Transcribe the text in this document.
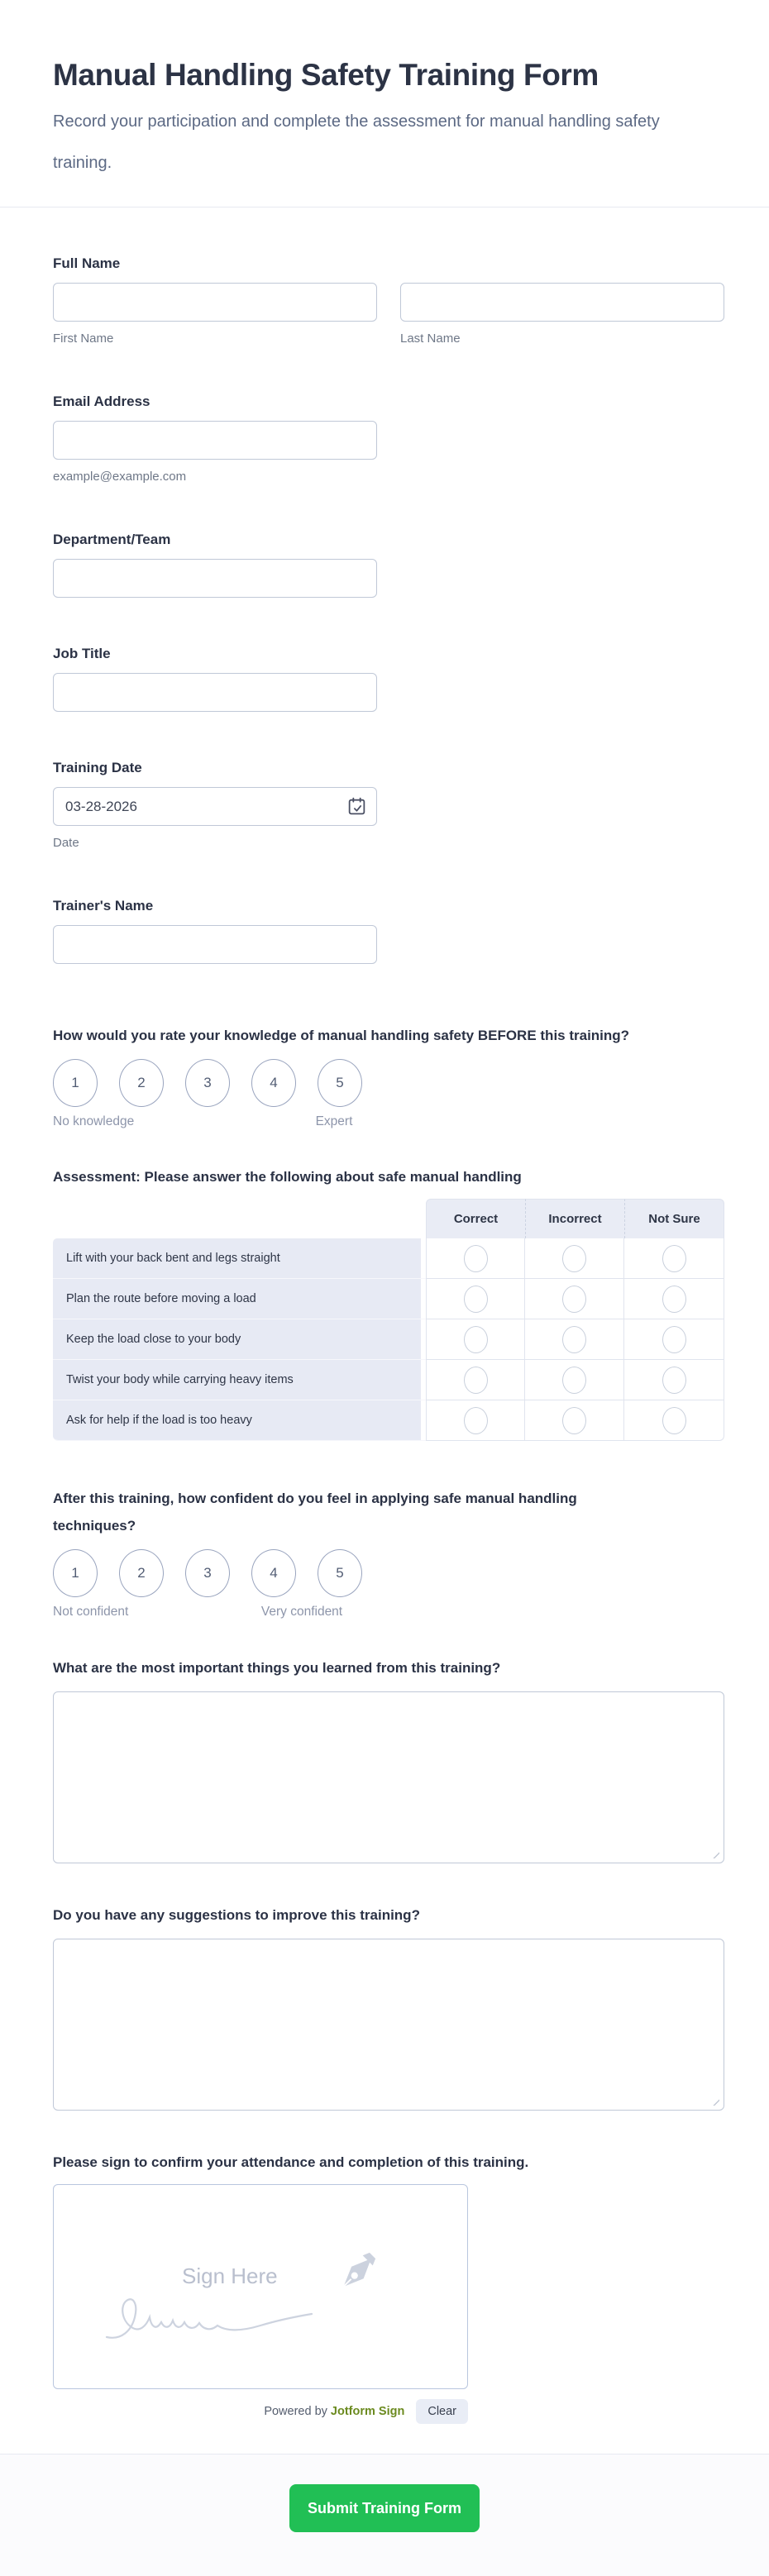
Manual Handling Safety Training Form
Record your participation and complete the assessment for manual handling safety training.
Full Name
First Name	Last Name
Email Address
example@example.com
Department/Team
Job Title
Training Date
03-28-2026
Date
Trainer's Name
How would you rate your knowledge of manual handling safety BEFORE this training?
1	2	3	4	5
No knowledge	Expert
Assessment: Please answer the following about safe manual handling
Correct	Incorrect	Not Sure
Lift with your back bent and legs straight
Plan the route before moving a load
Keep the load close to your body
Twist your body while carrying heavy items
Ask for help if the load is too heavy
After this training, how confident do you feel in applying safe manual handling techniques?
1	2	3	4	5
Not confident	Very confident
What are the most important things you learned from this training?
Do you have any suggestions to improve this training?
Please sign to confirm your attendance and completion of this training.
Sign Here
Powered by Jotform Sign	Clear
Submit Training Form
